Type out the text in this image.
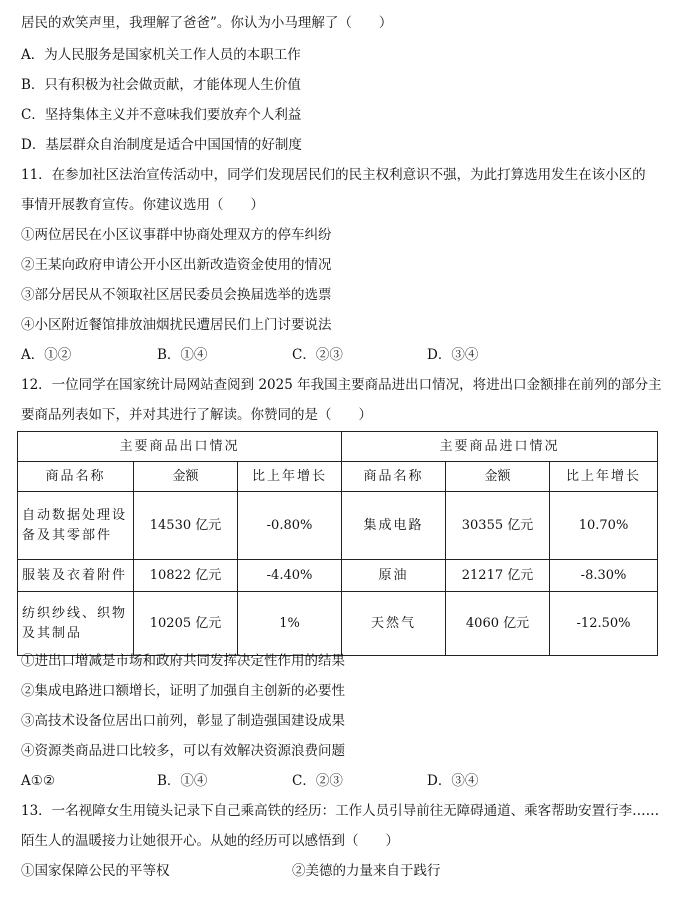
居民的欢笑声里，我理解了爸爸”。你认为小马理解了（　　）
A．为人民服务是国家机关工作人员的本职工作
B．只有积极为社会做贡献，才能体现人生价值
C．坚持集体主义并不意味我们要放弃个人利益
D．基层群众自治制度是适合中国国情的好制度
11．在参加社区法治宣传活动中，同学们发现居民们的民主权利意识不强，为此打算选用发生在该小区的
事情开展教育宣传。你建议选用（　　）
①两位居民在小区议事群中协商处理双方的停车纠纷
②王某向政府申请公开小区出新改造资金使用的情况
③部分居民从不领取社区居民委员会换届选举的选票
④小区附近餐馆排放油烟扰民遭居民们上门讨要说法
A．①②	B．①④	C．②③	D．③④
12．一位同学在国家统计局网站查阅到 2025 年我国主要商品进出口情况，将进出口金额排在前列的部分主
要商品列表如下，并对其进行了解读。你赞同的是（　　）
主要商品出口情况			主要商品进口情况		
商品名称	金额	比上年增长	商品名称	金额	比上年增长
自动数据处理设备及其零部件	14530 亿元	-0.80%	集成电路	30355 亿元	10.70%
服装及衣着附件	10822 亿元	-4.40%	原油	21217 亿元	-8.30%
纺织纱线、织物及其制品	10205 亿元	1%	天然气	4060 亿元	-12.50%
①进出口增减是市场和政府共同发挥决定性作用的结果
②集成电路进口额增长，证明了加强自主创新的必要性
③高技术设备位居出口前列，彰显了制造强国建设成果
④资源类商品进口比较多，可以有效解决资源浪费问题
A①②	B．①④	C．②③	D．③④
13．一名视障女生用镜头记录下自己乘高铁的经历：工作人员引导前往无障碍通道、乘客帮助安置行李……
陌生人的温暖接力让她很开心。从她的经历可以感悟到（　　）
①国家保障公民的平等权	②美德的力量来自于践行
